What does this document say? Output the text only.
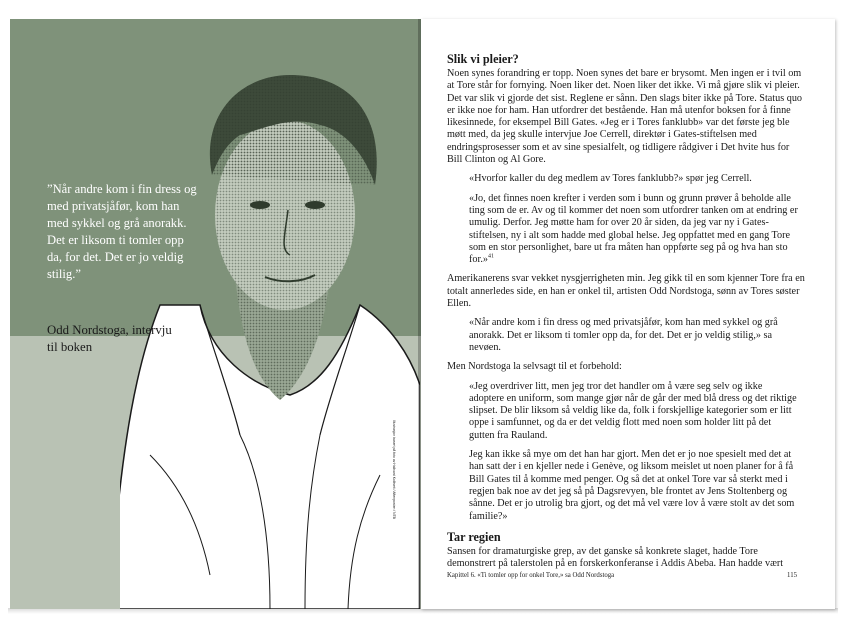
”Når andre kom i fin dress og med privatsjåfør, kom han med sykkel og grå anorakk. Det er liksom ti tomler opp da, for det. Det er jo veldig stilig.”
Odd Nordstoga, intervju til boken
Illustrasjon basert på foto av Hallvard Kolltveit / Aftenposten / NTB
Slik vi pleier?

Noen synes forandring er topp. Noen synes det bare er brysomt. Men ingen er i tvil om at Tore står for fornying. Noen liker det. Noen liker det ikke. Vi må gjøre slik vi pleier. Det var slik vi gjorde det sist. Reglene er sånn. Den slags biter ikke på Tore. Status quo er ikke noe for ham. Han utfordrer det bestående. Han må utenfor boksen for å finne likesinnede, for eksempel Bill Gates. «Jeg er i Tores fanklubb» var det første jeg ble møtt med, da jeg skulle intervjue Joe Cerrell, direktør i Gates-stiftelsen med endringsprosesser som et av sine spesialfelt, og tidligere rådgiver i Det hvite hus for Bill Clinton og Al Gore.

«Hvorfor kaller du deg medlem av Tores fanklubb?» spør jeg Cerrell.
«Jo, det finnes noen krefter i verden som i bunn og grunn prøver å beholde alle ting som de er. Av og til kommer det noen som utfordrer tanken om at endring er umulig. Derfor. Jeg møtte ham for over 20 år siden, da jeg var ny i Gates-stiftelsen, ny i alt som hadde med global helse. Jeg oppfattet med en gang Tore som en stor personlighet, bare ut fra måten han oppførte seg på og hva han sto for.»$^{41}$

Amerikanerens svar vekket nysgjerrigheten min. Jeg gikk til en som kjenner Tore fra en totalt annerledes side, en han er onkel til, artisten Odd Nordstoga, sønn av Tores søster Ellen.

«Når andre kom i fin dress og med privatsjåfør, kom han med sykkel og grå anorakk. Det er liksom ti tomler opp da, for det. Det er jo veldig stilig,» sa nevøen.

Men Nordstoga la selvsagt til et forbehold:

«Jeg overdriver litt, men jeg tror det handler om å være seg selv og ikke adoptere en uniform, som mange gjør når de går der med blå dress og det riktige slipset. De blir liksom så veldig like da, folk i forskjellige kategorier som er litt oppe i samfunnet, og da er det veldig flott med noen som holder litt på det gutten fra Rauland.
Jeg kan ikke så mye om det han har gjort. Men det er jo noe spesielt med det at han satt der i en kjeller nede i Genève, og liksom meislet ut noen planer for å få Bill Gates til å komme med penger. Og så det at onkel Tore var så sterkt med i regjen bak noe av det jeg så på Dagsrevyen, ble frontet av Jens Stoltenberg og sånne. Det er jo utrolig bra gjort, og det må vel være lov å være stolt av det som familie?»
Tar regien

Sansen for dramaturgiske grep, av det ganske så konkrete slaget, hadde Tore demonstrert på talerstolen på en forskerkonferanse i Addis Abeba. Han hadde vært

Kapittel 6. «Ti tomler opp for onkel Tore,» sa Odd Nordstoga	115
